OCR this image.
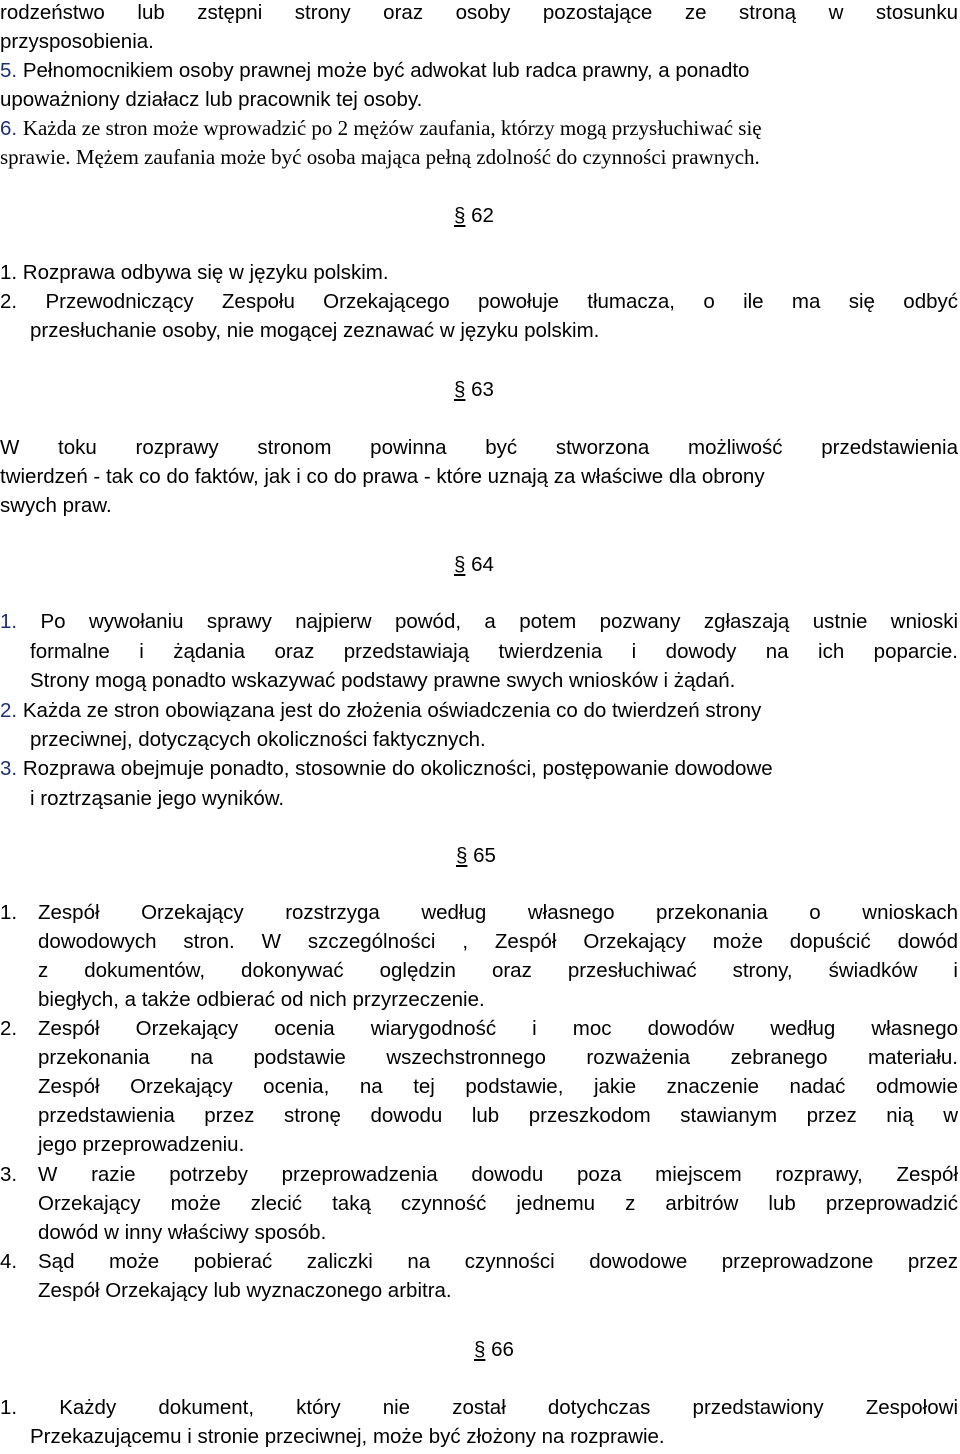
rodzeństwo lub zstępni strony oraz osoby pozostające ze stroną w stosunku
przysposobienia.
5. Pełnomocnikiem osoby prawnej może być adwokat lub radca prawny, a ponadto
upoważniony działacz lub pracownik tej osoby.
6. Każda ze stron może wprowadzić po 2 mężów zaufania, którzy mogą przysłuchiwać się
sprawie. Mężem zaufania może być osoba mająca pełną zdolność do czynności prawnych.
§ 62
1. Rozprawa odbywa się w języku polskim.
2. Przewodniczący Zespołu Orzekającego powołuje tłumacza, o ile ma się odbyć
przesłuchanie osoby, nie mogącej zeznawać w języku polskim.
§ 63
W toku rozprawy stronom powinna być stworzona możliwość przedstawienia
twierdzeń - tak co do faktów, jak i co do prawa - które uznają za właściwe dla obrony
swych praw.
§ 64
1. Po wywołaniu sprawy najpierw powód, a potem pozwany zgłaszają ustnie wnioski
formalne i żądania oraz przedstawiają twierdzenia i dowody na ich poparcie.
Strony mogą ponadto wskazywać podstawy prawne swych wniosków i żądań.
2. Każda ze stron obowiązana jest do złożenia oświadczenia co do twierdzeń strony
przeciwnej, dotyczących okoliczności faktycznych.
3. Rozprawa obejmuje ponadto, stosownie do okoliczności, postępowanie dowodowe
i roztrząsanie jego wyników.
§ 65
1.	Zespół Orzekający rozstrzyga według własnego przekonania o wnioskach
dowodowych stron. W szczególności , Zespół Orzekający może dopuścić dowód
z dokumentów, dokonywać oględzin oraz przesłuchiwać strony, świadków i
biegłych, a także odbierać od nich przyrzeczenie.
2.	Zespół Orzekający ocenia wiarygodność i moc dowodów według własnego
przekonania na podstawie wszechstronnego rozważenia zebranego materiału.
Zespół Orzekający ocenia, na tej podstawie, jakie znaczenie nadać odmowie
przedstawienia przez stronę dowodu lub przeszkodom stawianym przez nią w
jego przeprowadzeniu.
3.	W razie potrzeby przeprowadzenia dowodu poza miejscem rozprawy, Zespół
Orzekający może zlecić taką czynność jednemu z arbitrów lub przeprowadzić
dowód w inny właściwy sposób.
4.	Sąd może pobierać zaliczki na czynności dowodowe przeprowadzone przez
Zespół Orzekający lub wyznaczonego arbitra.
§ 66
1. Każdy dokument, który nie został dotychczas przedstawiony Zespołowi
Przekazującemu i stronie przeciwnej, może być złożony na rozprawie.
